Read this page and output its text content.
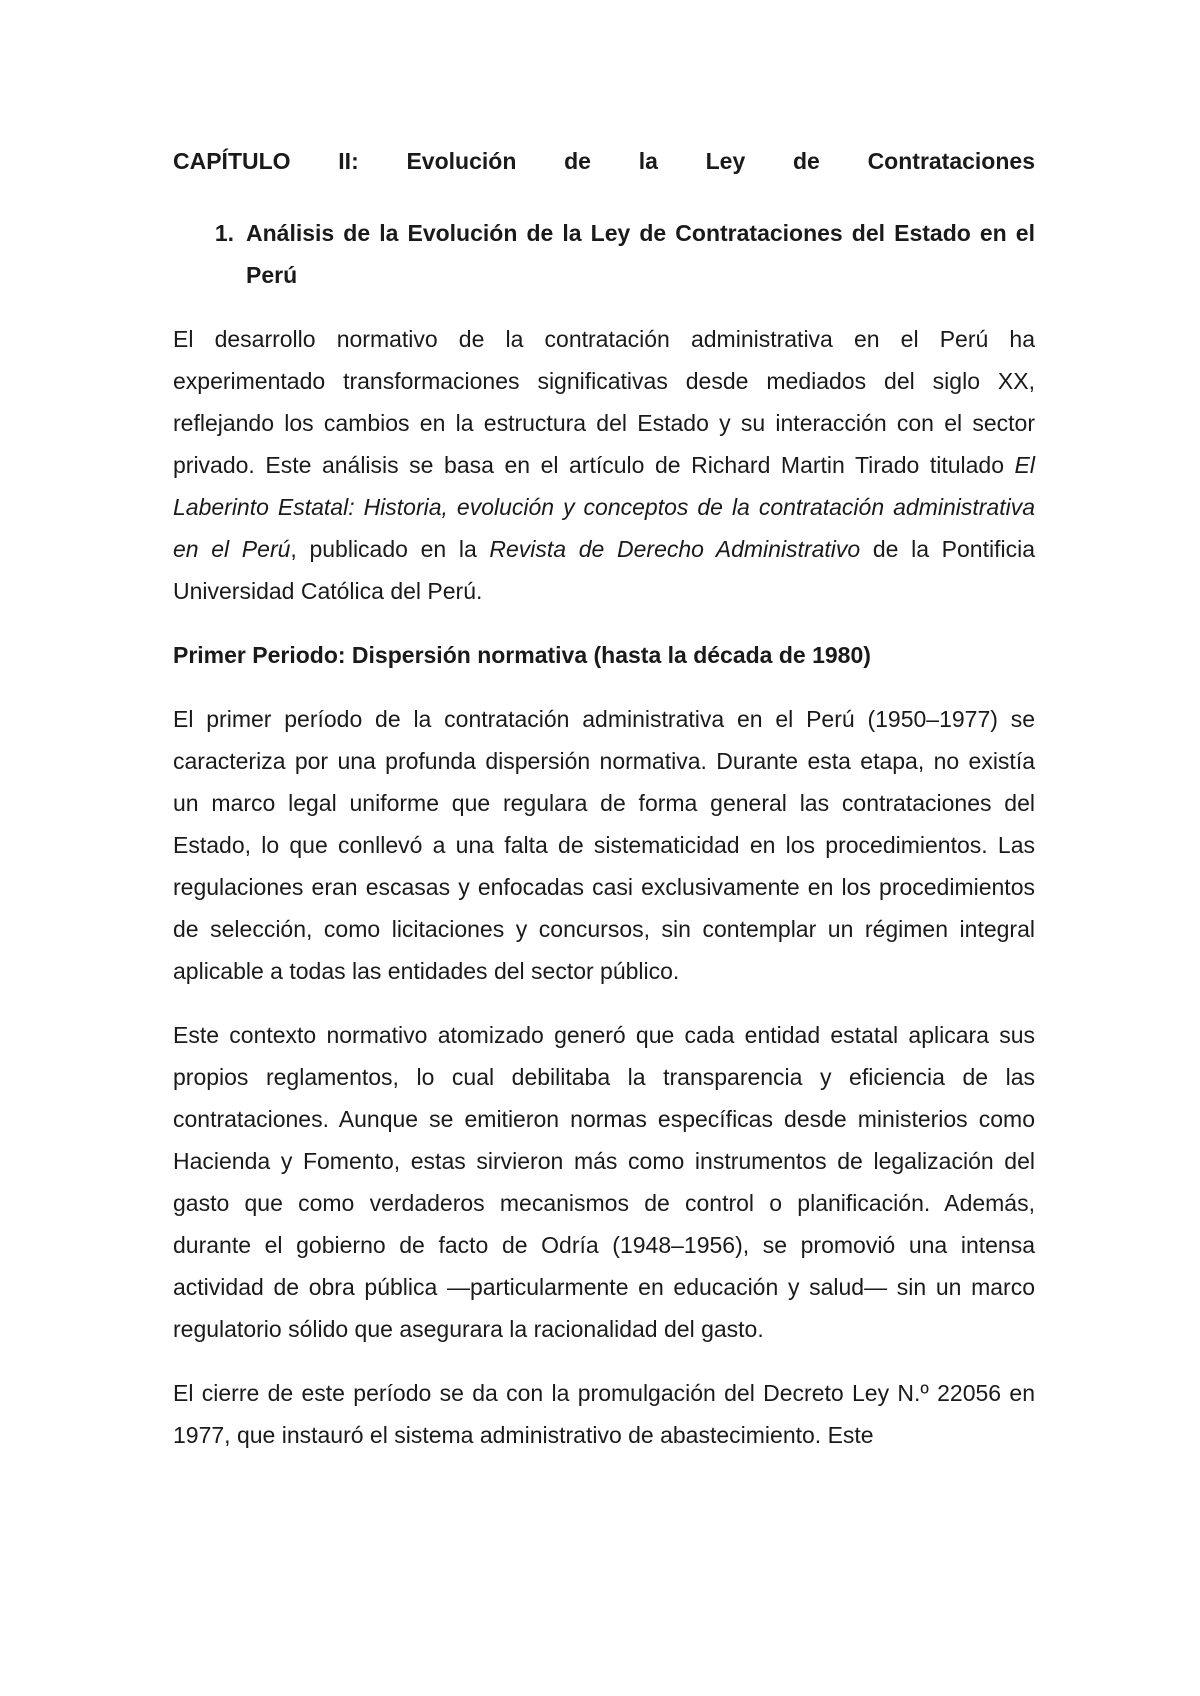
CAPÍTULO II: Evolución de la Ley de Contrataciones
1. Análisis de la Evolución de la Ley de Contrataciones del Estado en el Perú

El desarrollo normativo de la contratación administrativa en el Perú ha experimentado transformaciones significativas desde mediados del siglo XX, reflejando los cambios en la estructura del Estado y su interacción con el sector privado. Este análisis se basa en el artículo de Richard Martin Tirado titulado El Laberinto Estatal: Historia, evolución y conceptos de la contratación administrativa en el Perú, publicado en la Revista de Derecho Administrativo de la Pontificia Universidad Católica del Perú.

Primer Periodo: Dispersión normativa (hasta la década de 1980)

El primer período de la contratación administrativa en el Perú (1950–1977) se caracteriza por una profunda dispersión normativa. Durante esta etapa, no existía un marco legal uniforme que regulara de forma general las contrataciones del Estado, lo que conllevó a una falta de sistematicidad en los procedimientos. Las regulaciones eran escasas y enfocadas casi exclusivamente en los procedimientos de selección, como licitaciones y concursos, sin contemplar un régimen integral aplicable a todas las entidades del sector público.

Este contexto normativo atomizado generó que cada entidad estatal aplicara sus propios reglamentos, lo cual debilitaba la transparencia y eficiencia de las contrataciones. Aunque se emitieron normas específicas desde ministerios como Hacienda y Fomento, estas sirvieron más como instrumentos de legalización del gasto que como verdaderos mecanismos de control o planificación. Además, durante el gobierno de facto de Odría (1948–1956), se promovió una intensa actividad de obra pública —particularmente en educación y salud— sin un marco regulatorio sólido que asegurara la racionalidad del gasto.

El cierre de este período se da con la promulgación del Decreto Ley N.º 22056 en 1977, que instauró el sistema administrativo de abastecimiento. Este
